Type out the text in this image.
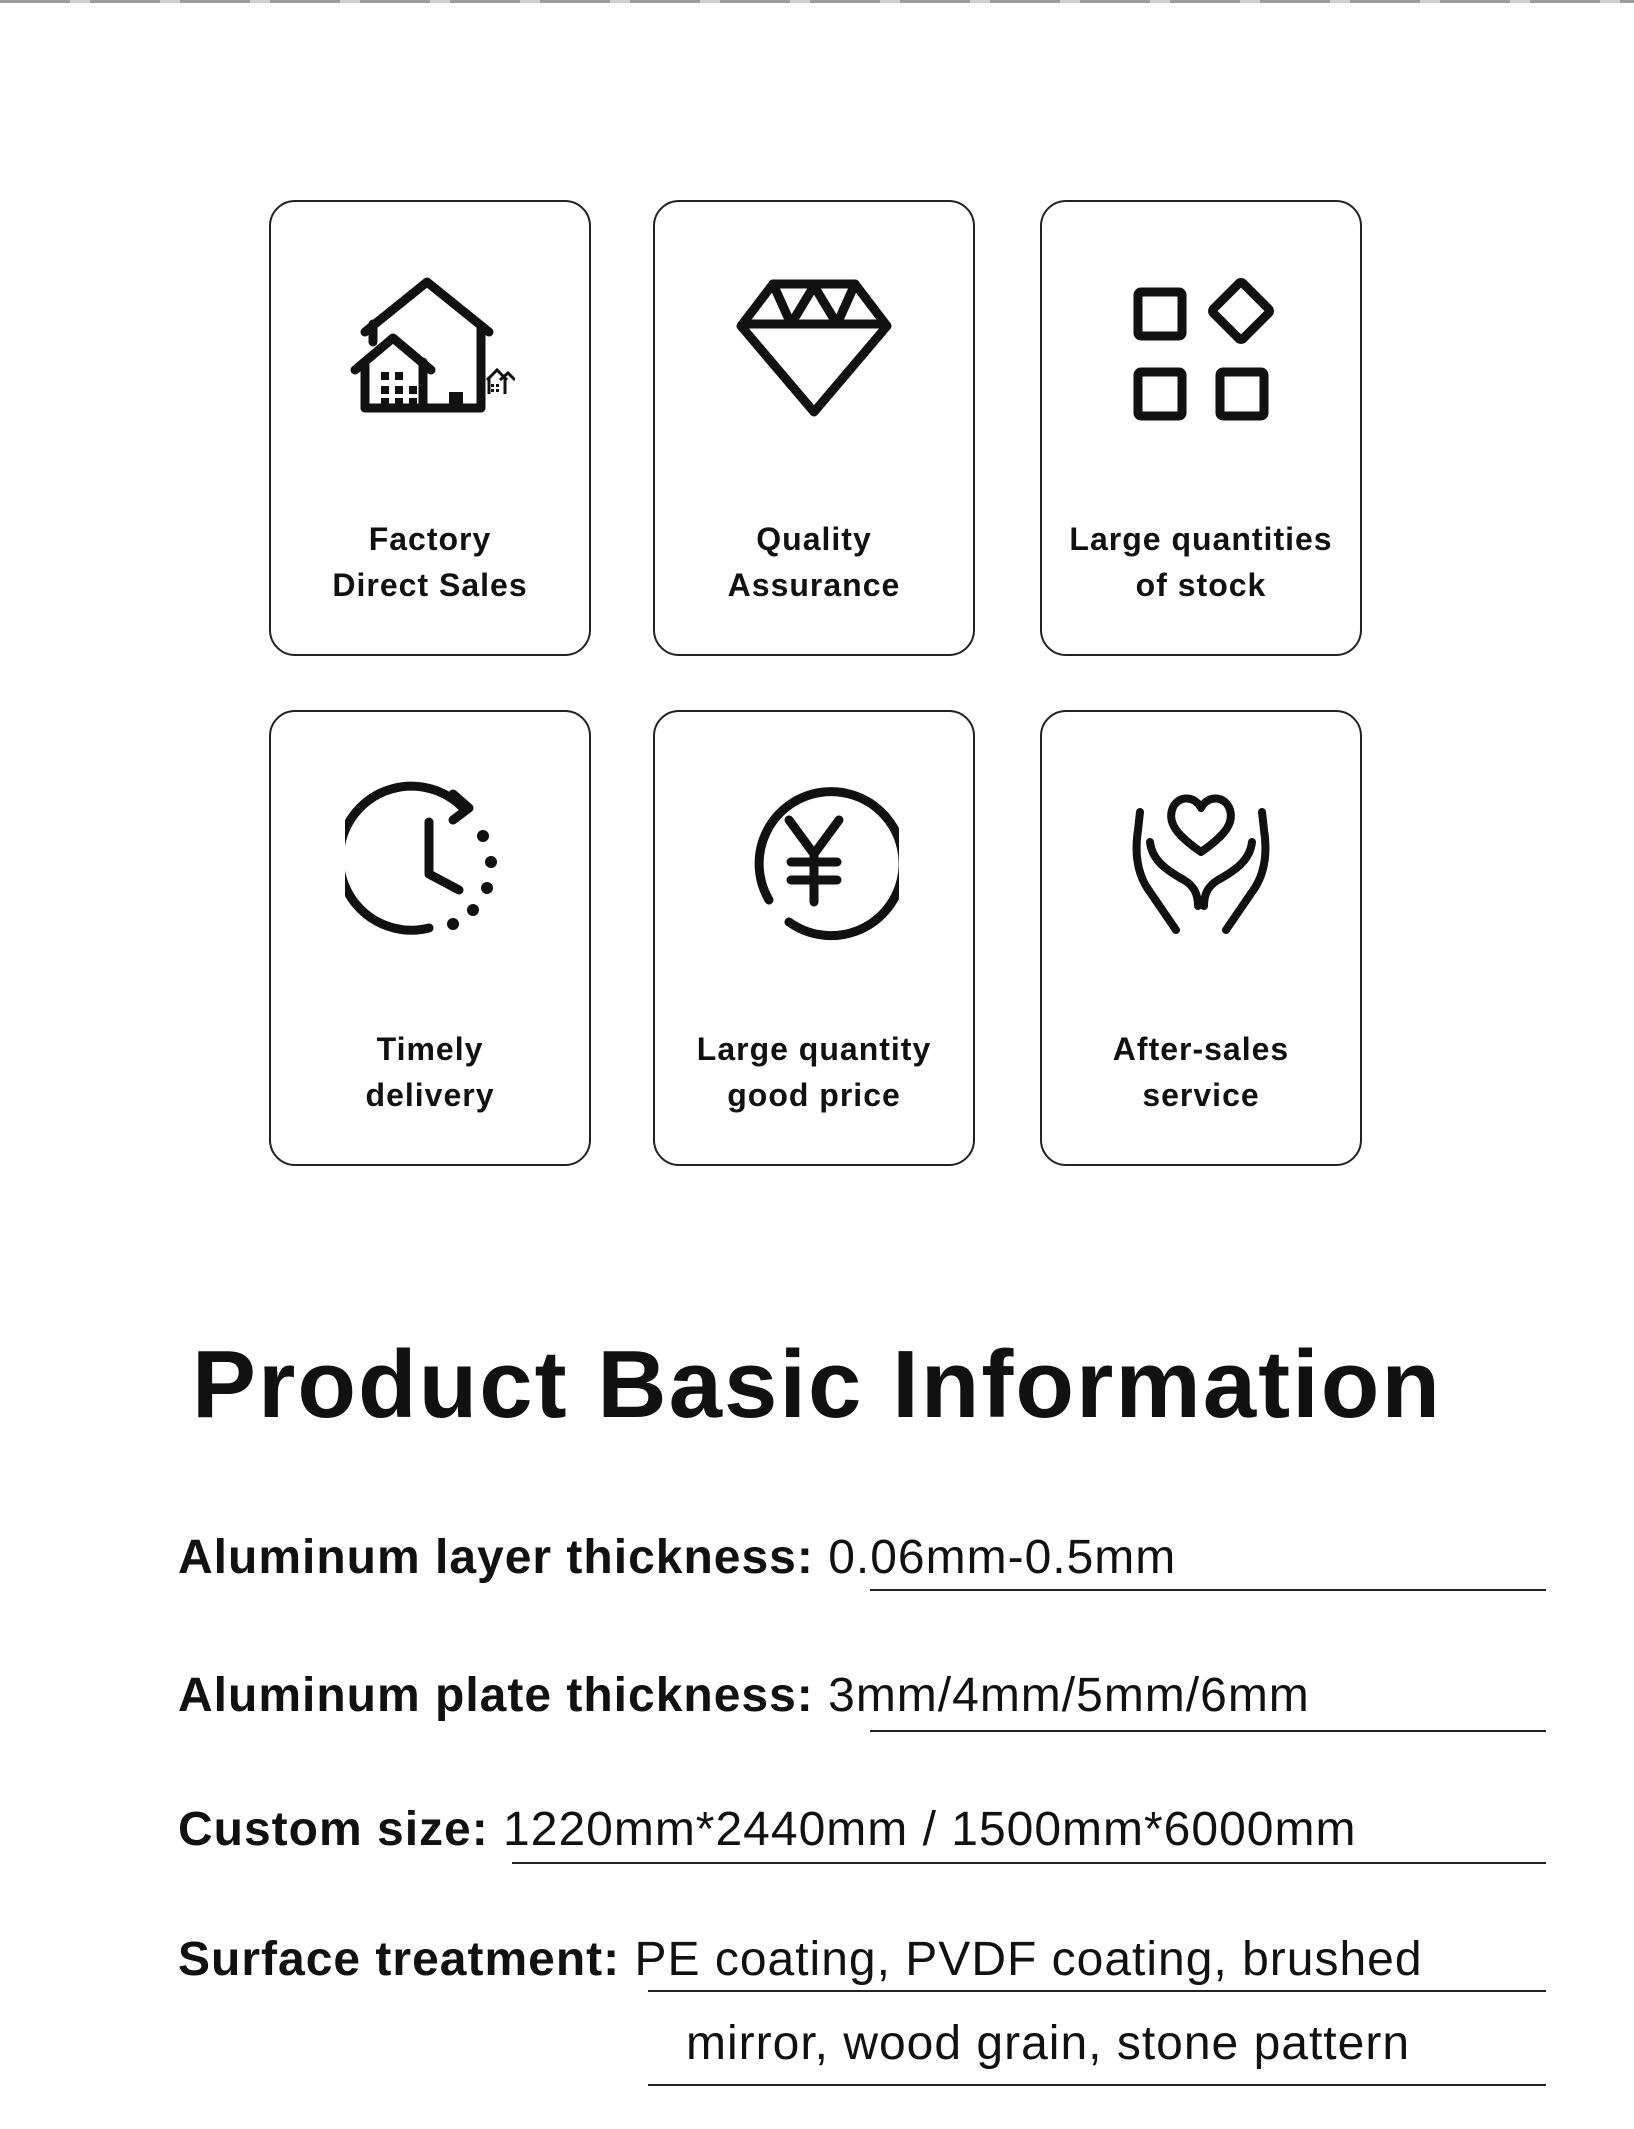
Factory
Direct Sales
Quality
Assurance
Large quantities
of stock
Timely
delivery
Large quantity
good price
After-sales
service
Product Basic Information
Aluminum layer thickness: 0.06mm-0.5mm
Aluminum plate thickness: 3mm/4mm/5mm/6mm
Custom size: 1220mm*2440mm / 1500mm*6000mm
Surface treatment: PE coating, PVDF coating, brushed
mirror, wood grain, stone pattern
